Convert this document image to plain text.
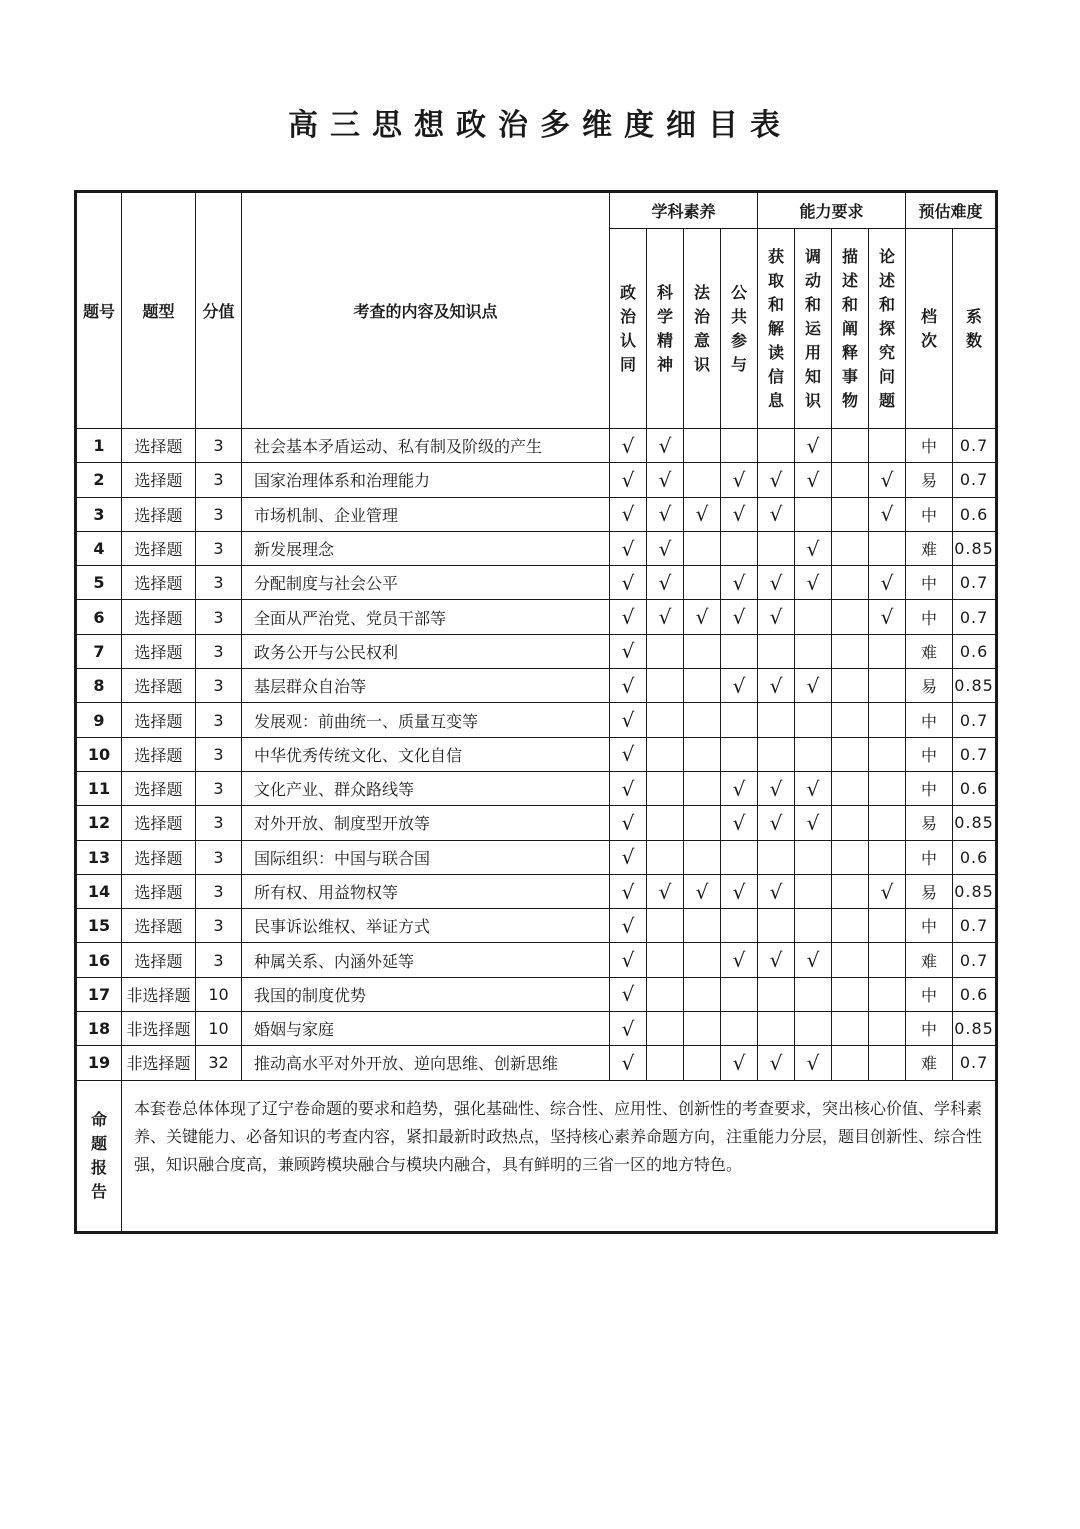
高三思想政治多维度细目表
题号	题型	分值	考查的内容及知识点	学科素养				能力要求				预估难度	
				政治认同	科学精神	法治意识	公共参与	获取和解读信息	调动和运用知识	描述和阐释事物	论述和探究问题	档次	系数
1	选择题	3	社会基本矛盾运动、私有制及阶级的产生	√	√				√			中	0.7
2	选择题	3	国家治理体系和治理能力	√	√		√	√	√		√	易	0.7
3	选择题	3	市场机制、企业管理	√	√	√	√	√			√	中	0.6
4	选择题	3	新发展理念	√	√				√			难	0.85
5	选择题	3	分配制度与社会公平	√	√		√	√	√		√	中	0.7
6	选择题	3	全面从严治党、党员干部等	√	√	√	√	√			√	中	0.7
7	选择题	3	政务公开与公民权利	√								难	0.6
8	选择题	3	基层群众自治等	√			√	√	√			易	0.85
9	选择题	3	发展观：前曲统一、质量互变等	√								中	0.7
10	选择题	3	中华优秀传统文化、文化自信	√								中	0.7
11	选择题	3	文化产业、群众路线等	√			√	√	√			中	0.6
12	选择题	3	对外开放、制度型开放等	√			√	√	√			易	0.85
13	选择题	3	国际组织：中国与联合国	√								中	0.6
14	选择题	3	所有权、用益物权等	√	√	√	√	√			√	易	0.85
15	选择题	3	民事诉讼维权、举证方式	√								中	0.7
16	选择题	3	种属关系、内涵外延等	√			√	√	√			难	0.7
17	非选择题	10	我国的制度优势	√								中	0.6
18	非选择题	10	婚姻与家庭	√								中	0.85
19	非选择题	32	推动高水平对外开放、逆向思维、创新思维	√			√	√	√			难	0.7
命题报告	本套卷总体体现了辽宁卷命题的要求和趋势，强化基础性、综合性、应用性、创新性的考查要求，突出核心价值、学科素养、关键能力、必备知识的考查内容，紧扣最新时政热点，坚持核心素养命题方向，注重能力分层，题目创新性、综合性强，知识融合度高，兼顾跨模块融合与模块内融合，具有鲜明的三省一区的地方特色。												
